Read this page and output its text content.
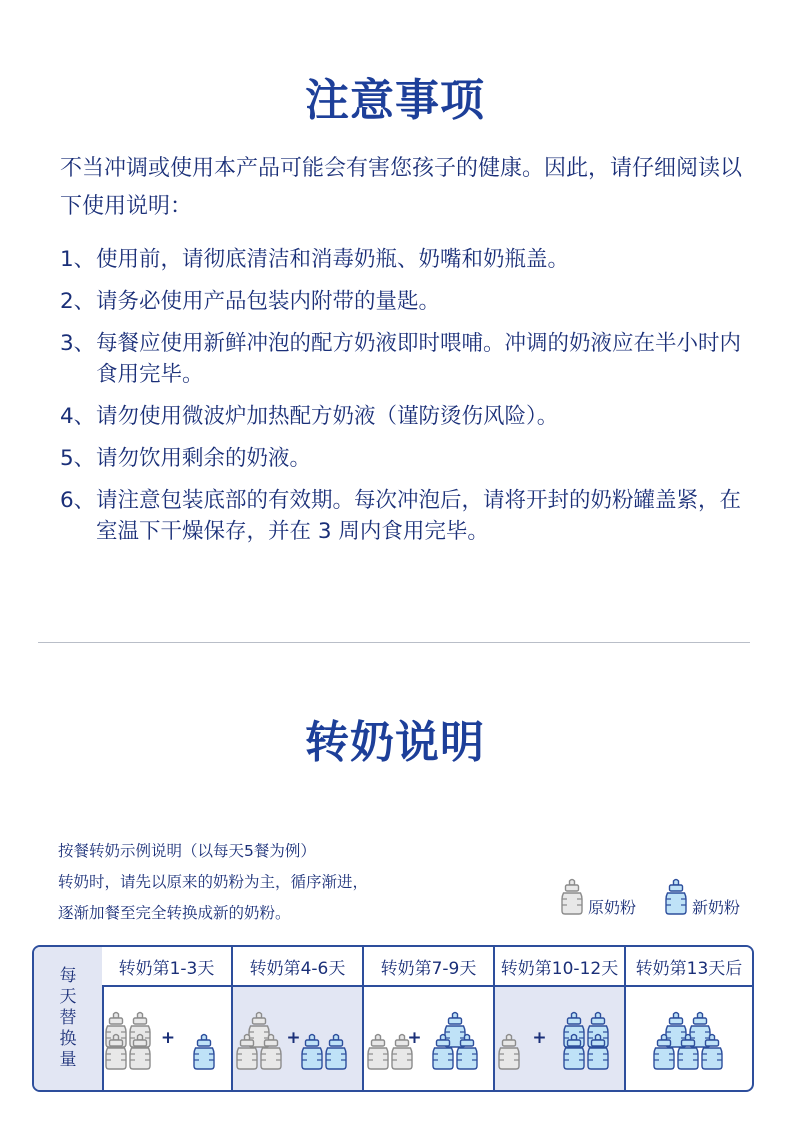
注意事项
不当冲调或使用本产品可能会有害您孩子的健康。因此，请仔细阅读以下使用说明：
1、 使用前，请彻底清洁和消毒奶瓶、奶嘴和奶瓶盖。
2、 请务必使用产品包装内附带的量匙。
3、 每餐应使用新鲜冲泡的配方奶液即时喂哺。冲调的奶液应在半小时内食用完毕。
4、 请勿使用微波炉加热配方奶液（谨防烫伤风险）。
5、 请勿饮用剩余的奶液。
6、 请注意包装底部的有效期。每次冲泡后，请将开封的奶粉罐盖紧，在室温下干燥保存，并在 3 周内食用完毕。
转奶说明
按餐转奶示例说明（以每天5餐为例）
转奶时，请先以原来的奶粉为主，循序渐进，
逐渐加餐至完全转换成新的奶粉。	原奶粉	新奶粉
每
天
替
换
量
转奶第1-3天
+
转奶第4-6天
+
转奶第7-9天
+
转奶第10-12天
+
转奶第13天后
